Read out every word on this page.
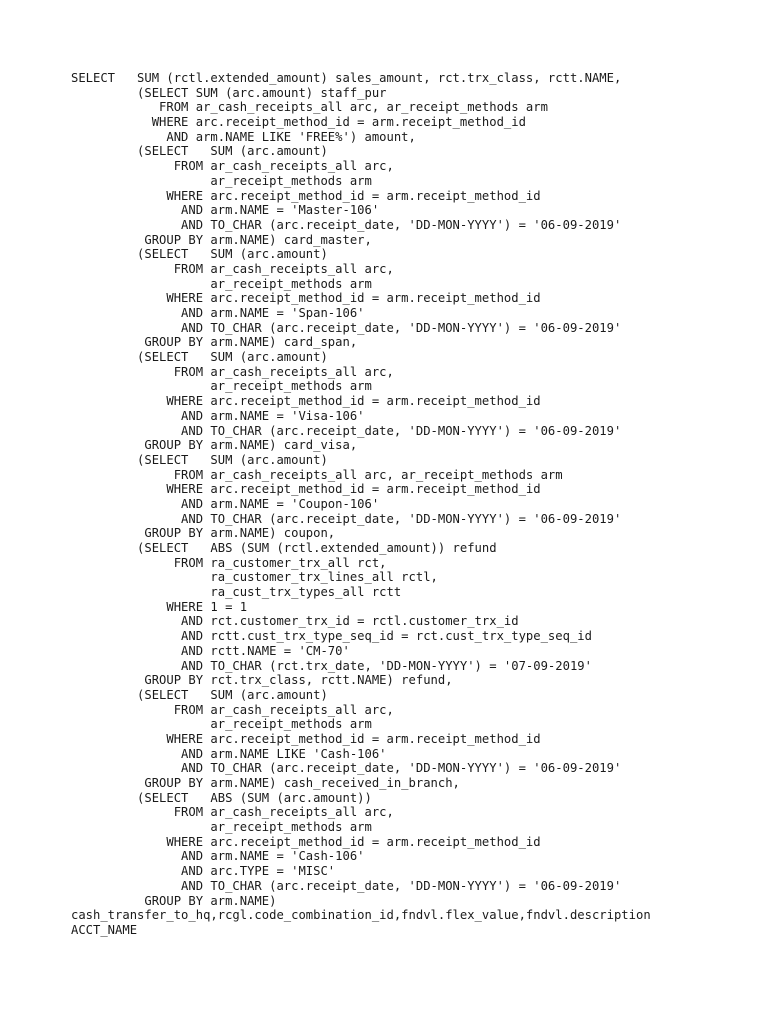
SELECT   SUM (rctl.extended_amount) sales_amount, rct.trx_class, rctt.NAME,
(SELECT SUM (arc.amount) staff_pur
FROM ar_cash_receipts_all arc, ar_receipt_methods arm
WHERE arc.receipt_method_id = arm.receipt_method_id
AND arm.NAME LIKE 'FREE%') amount,
(SELECT   SUM (arc.amount)
FROM ar_cash_receipts_all arc,
ar_receipt_methods arm
WHERE arc.receipt_method_id = arm.receipt_method_id
AND arm.NAME = 'Master-106'
AND TO_CHAR (arc.receipt_date, 'DD-MON-YYYY') = '06-09-2019'
GROUP BY arm.NAME) card_master,
(SELECT   SUM (arc.amount)
FROM ar_cash_receipts_all arc,
ar_receipt_methods arm
WHERE arc.receipt_method_id = arm.receipt_method_id
AND arm.NAME = 'Span-106'
AND TO_CHAR (arc.receipt_date, 'DD-MON-YYYY') = '06-09-2019'
GROUP BY arm.NAME) card_span,
(SELECT   SUM (arc.amount)
FROM ar_cash_receipts_all arc,
ar_receipt_methods arm
WHERE arc.receipt_method_id = arm.receipt_method_id
AND arm.NAME = 'Visa-106'
AND TO_CHAR (arc.receipt_date, 'DD-MON-YYYY') = '06-09-2019'
GROUP BY arm.NAME) card_visa,
(SELECT   SUM (arc.amount)
FROM ar_cash_receipts_all arc, ar_receipt_methods arm
WHERE arc.receipt_method_id = arm.receipt_method_id
AND arm.NAME = 'Coupon-106'
AND TO_CHAR (arc.receipt_date, 'DD-MON-YYYY') = '06-09-2019'
GROUP BY arm.NAME) coupon,
(SELECT   ABS (SUM (rctl.extended_amount)) refund
FROM ra_customer_trx_all rct,
ra_customer_trx_lines_all rctl,
ra_cust_trx_types_all rctt
WHERE 1 = 1
AND rct.customer_trx_id = rctl.customer_trx_id
AND rctt.cust_trx_type_seq_id = rct.cust_trx_type_seq_id
AND rctt.NAME = 'CM-70'
AND TO_CHAR (rct.trx_date, 'DD-MON-YYYY') = '07-09-2019'
GROUP BY rct.trx_class, rctt.NAME) refund,
(SELECT   SUM (arc.amount)
FROM ar_cash_receipts_all arc,
ar_receipt_methods arm
WHERE arc.receipt_method_id = arm.receipt_method_id
AND arm.NAME LIKE 'Cash-106'
AND TO_CHAR (arc.receipt_date, 'DD-MON-YYYY') = '06-09-2019'
GROUP BY arm.NAME) cash_received_in_branch,
(SELECT   ABS (SUM (arc.amount))
FROM ar_cash_receipts_all arc,
ar_receipt_methods arm
WHERE arc.receipt_method_id = arm.receipt_method_id
AND arm.NAME = 'Cash-106'
AND arc.TYPE = 'MISC'
AND TO_CHAR (arc.receipt_date, 'DD-MON-YYYY') = '06-09-2019'
GROUP BY arm.NAME)
cash_transfer_to_hq,rcgl.code_combination_id,fndvl.flex_value,fndvl.description
ACCT_NAME
